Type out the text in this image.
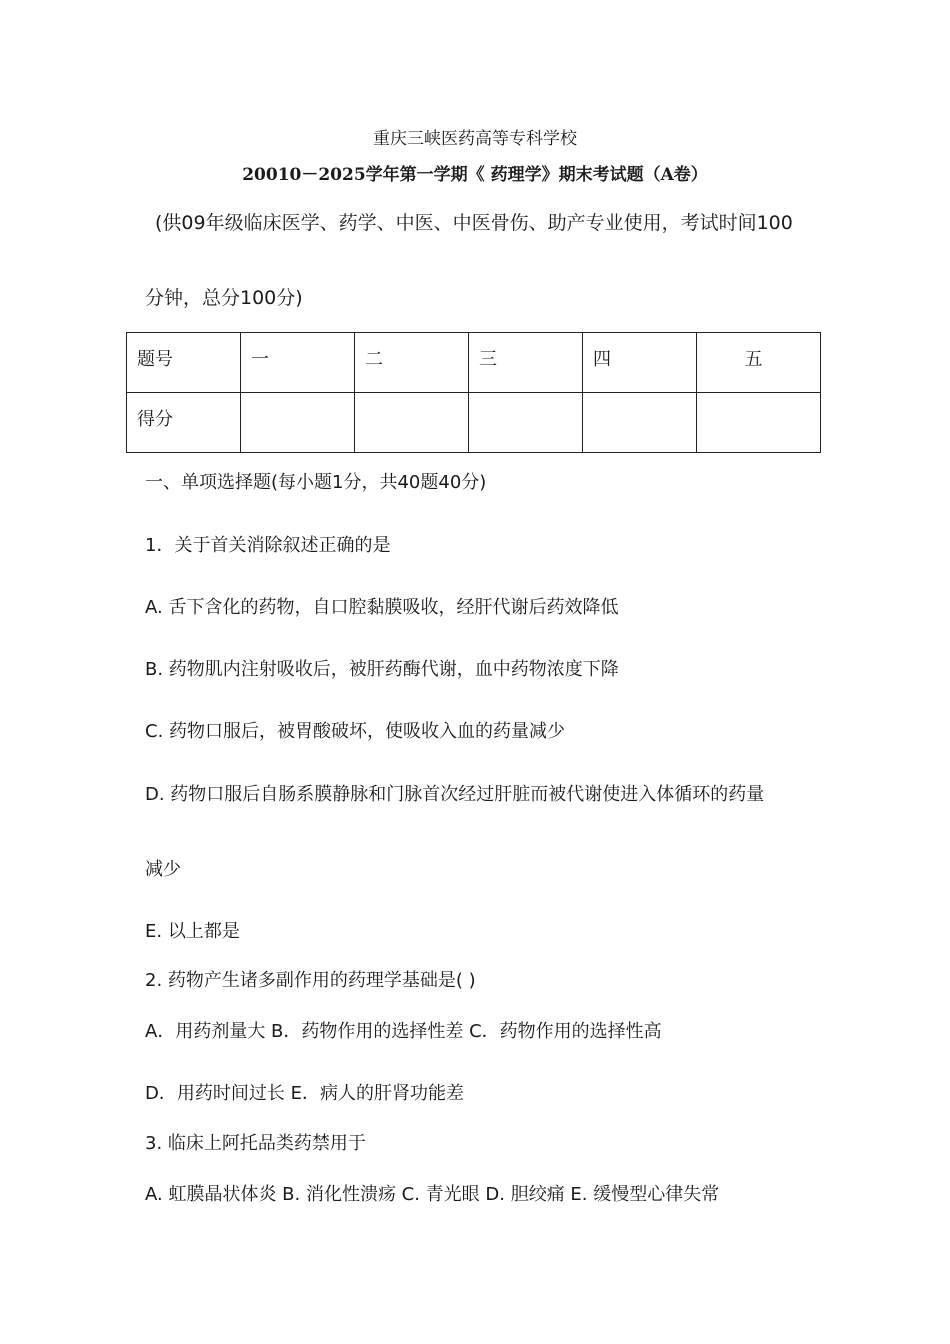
重庆三峡医药高等专科学校
20010－2025学年第一学期《 药理学》期末考试题（A卷）
(供09年级临床医学、药学、中医、中医骨伤、助产专业使用，考试时间100
分钟，总分100分)
题号	一	二	三	四	五
得分					
一、单项选择题(每小题1分，共40题40分)
1．关于首关消除叙述正确的是
A. 舌下含化的药物，自口腔黏膜吸收，经肝代谢后药效降低
B. 药物肌内注射吸收后，被肝药酶代谢，血中药物浓度下降
C. 药物口服后，被胃酸破坏，使吸收入血的药量减少
D. 药物口服后自肠系膜静脉和门脉首次经过肝脏而被代谢使进入体循环的药量
减少
E. 以上都是
2. 药物产生诸多副作用的药理学基础是( )
A．用药剂量大 B．药物作用的选择性差 C．药物作用的选择性高
D．用药时间过长 E．病人的肝肾功能差
3. 临床上阿托品类药禁用于
A. 虹膜晶状体炎 B. 消化性溃疡 C. 青光眼 D. 胆绞痛 E. 缓慢型心律失常
